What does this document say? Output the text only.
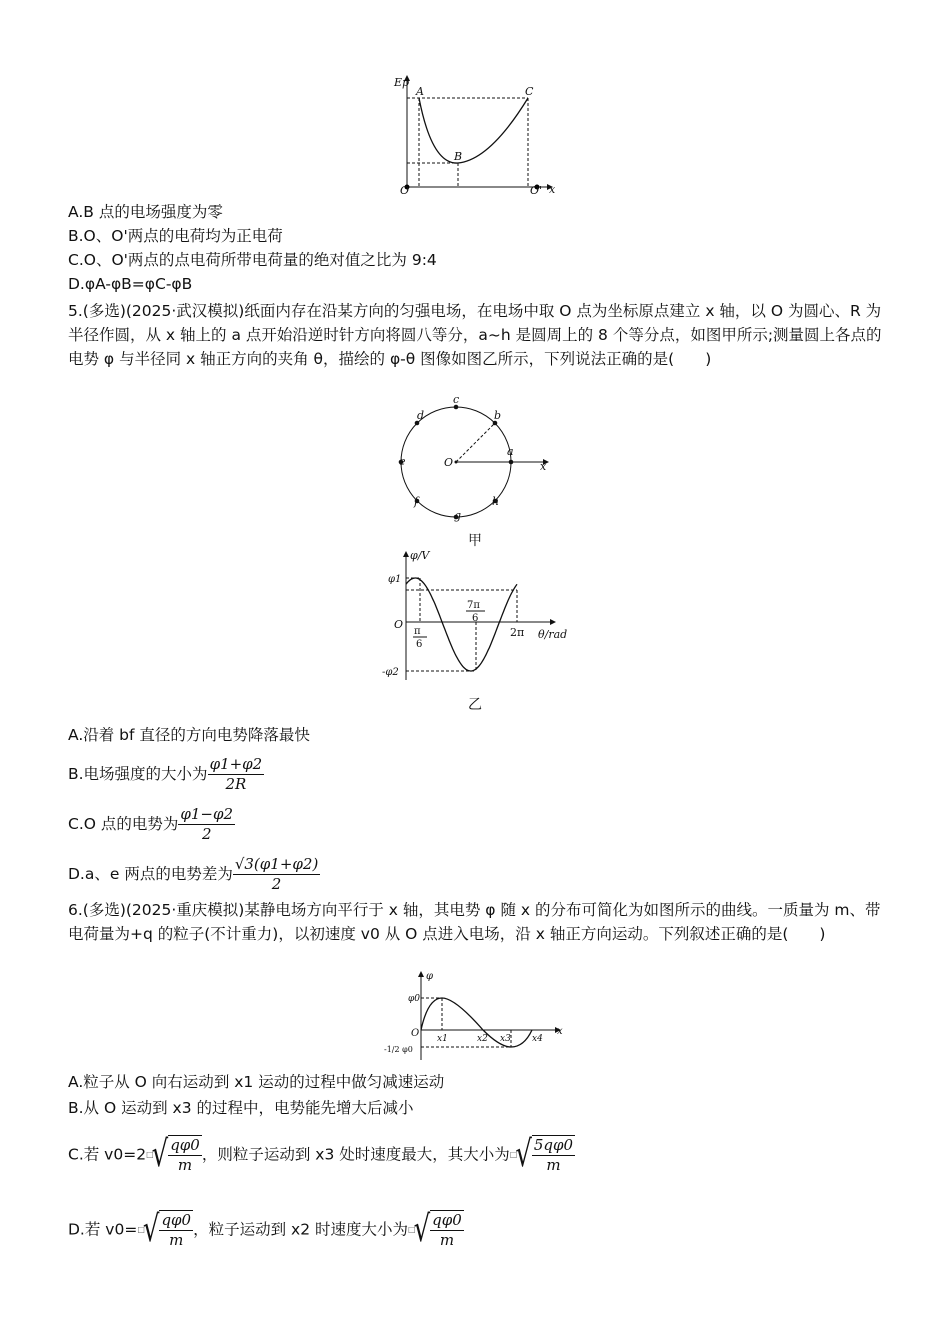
Ep
A
B
C
O	O' x
A.B 点的电场强度为零
B.O、O'两点的电荷均为正电荷
C.O、O'两点的点电荷所带电荷量的绝对值之比为 9:4
D.φA-φB=φC-φB
5.(多选)(2025·武汉模拟)纸面内存在沿某方向的匀强电场，在电场中取 O 点为坐标原点建立 x 轴，以 O 为圆心、R 为半径作圆，从 x 轴上的 a 点开始沿逆时针方向将圆八等分，a~h 是圆周上的 8 个等分点，如图甲所示;测量圆上各点的电势 φ 与半径同 x 轴正方向的夹角 θ，描绘的 φ-θ 图像如图乙所示，下列说法正确的是(　　)
a
b
c
d
e
f
g
h
O	x
甲
φ/V
φ1
-φ2
O
π
6
7π
6
2π θ/rad
乙
A.沿着 bf 直径的方向电势降落最快
B.电场强度的大小为 $\frac{\varphi 1+\varphi 2}{2R}$
C.O 点的电势为 $\frac{\varphi 1-\varphi 2}{2}$
D.a、e 两点的电势差为 $\frac{√3(\varphi 1+\varphi 2)}{2}$
6.(多选)(2025·重庆模拟)某静电场方向平行于 x 轴，其电势 φ 随 x 的分布可简化为如图所示的曲线。一质量为 m、带电荷量为+q 的粒子(不计重力)，以初速度 v0 从 O 点进入电场，沿 x 轴正方向运动。下列叙述正确的是(　　)
φ
φ0
-1/2 φ0
O x1	x2 x3 x4
x
A.粒子从 O 向右运动到 x1 运动的过程中做匀减速运动
B.从 O 运动到 x3 的过程中，电势能先增大后减小
C.若 v0=2 □
√ $\frac{q\varphi 0}{m}$ ，则粒子运动到 x3 处时速度最大，其大小为 □
√ $\frac{5q\varphi 0}{m}$
D.若 v0= □
√ $\frac{q\varphi 0}{m}$ ，粒子运动到 x2 时速度大小为 □
√ $\frac{q\varphi 0}{m}$
